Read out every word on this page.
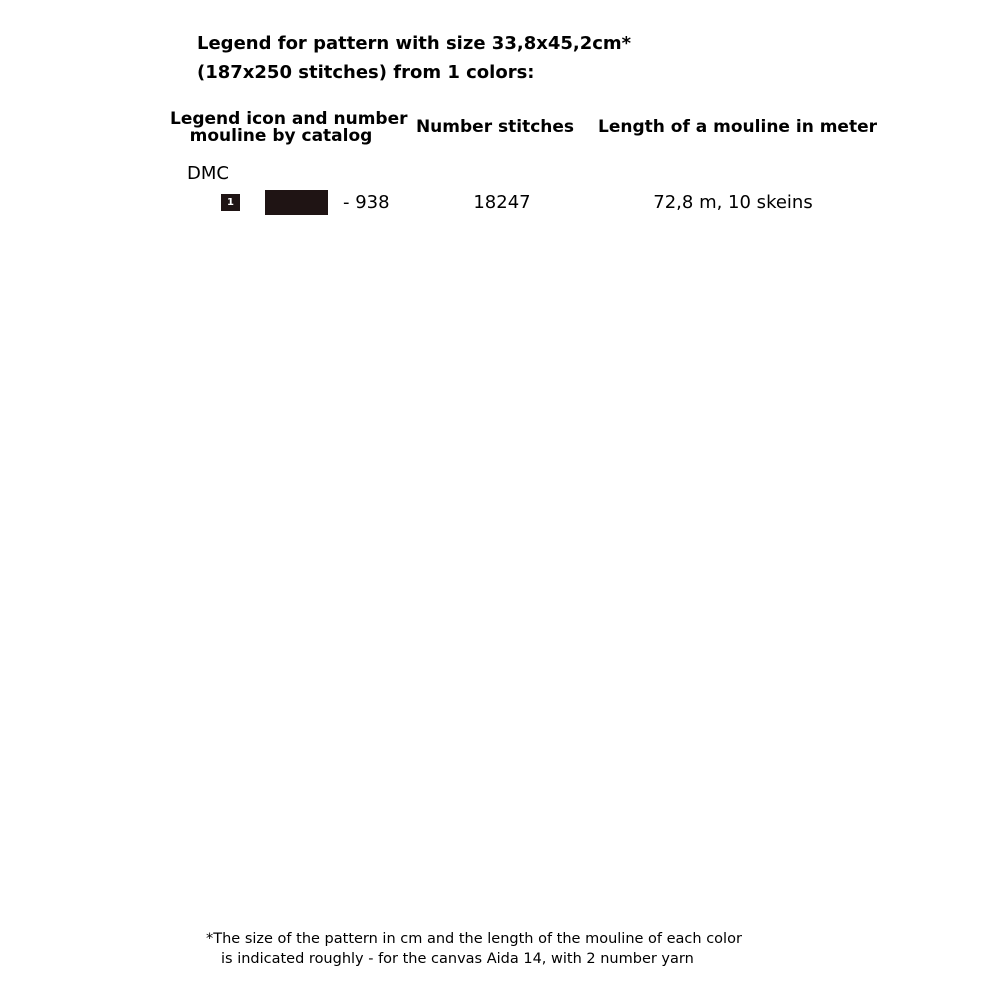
Legend for pattern with size 33,8x45,2cm*
(187x250 stitches) from 1 colors:
Legend icon and number
mouline by catalog	Number stitches	Length of a mouline in meter
DMC
1	- 938	18247	72,8 m, 10 skeins
*The size of the pattern in cm and the length of the mouline of each color
is indicated roughly - for the canvas Aida 14, with 2 number yarn
